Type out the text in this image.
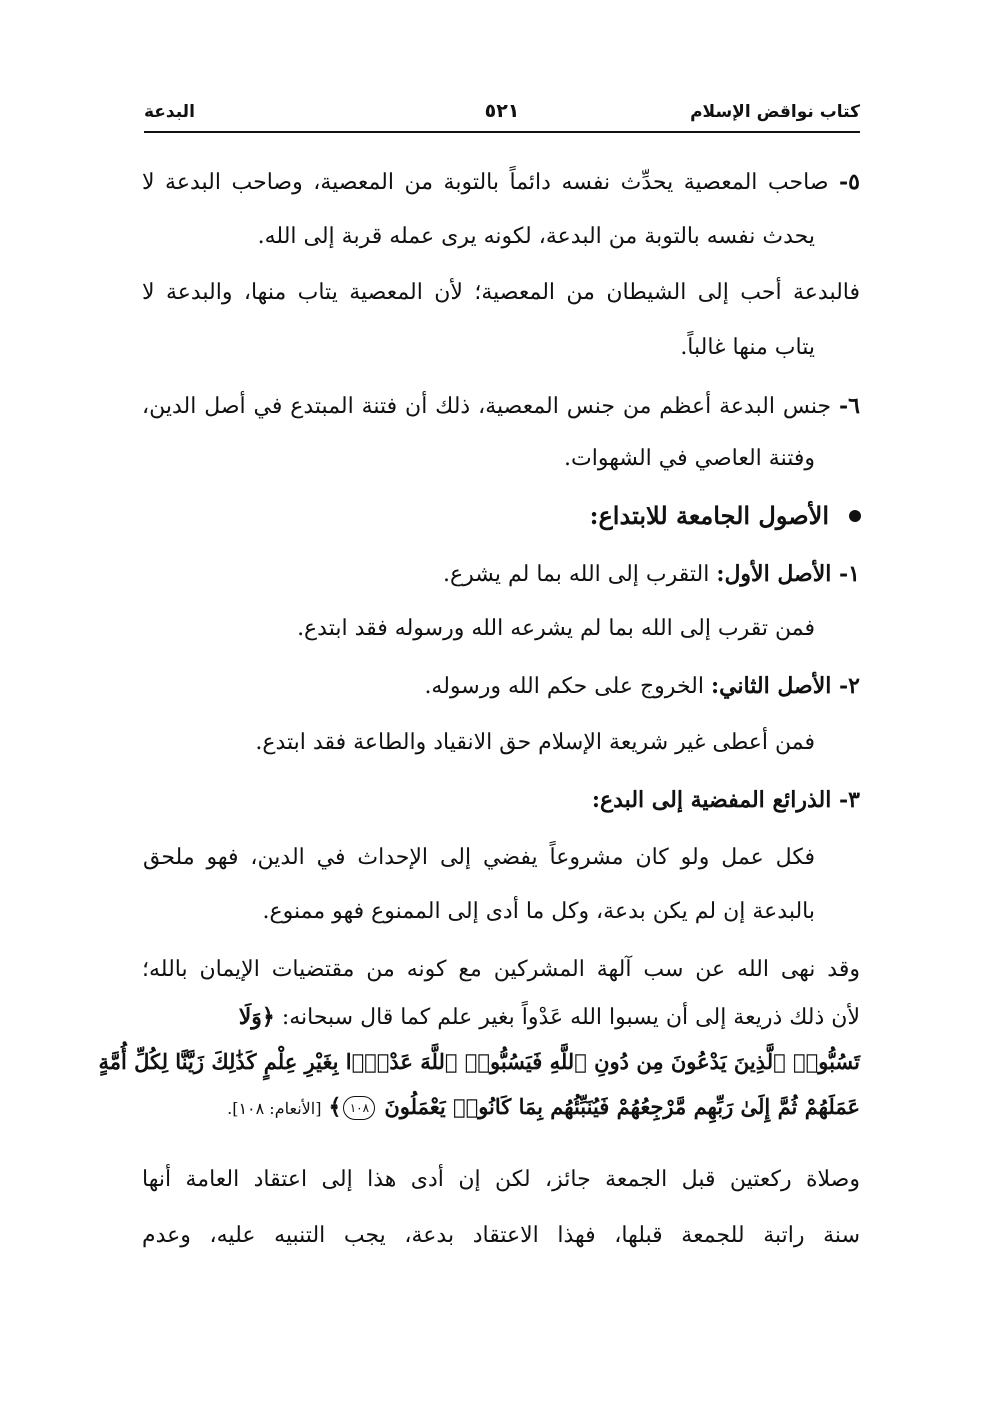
كتاب نواقض الإسلام
٥٢١
البدعة
٥- صاحب المعصية يحدِّث نفسه دائماً بالتوبة من المعصية، وصاحب البدعة لا
يحدث نفسه بالتوبة من البدعة، لكونه يرى عمله قربة إلى الله.
فالبدعة أحب إلى الشيطان من المعصية؛ لأن المعصية يتاب منها، والبدعة لا
يتاب منها غالباً.
٦- جنس البدعة أعظم من جنس المعصية، ذلك أن فتنة المبتدع في أصل الدين،
وفتنة العاصي في الشهوات.
الأصول الجامعة للابتداع:
١- الأصل الأول: التقرب إلى الله بما لم يشرع.
فمن تقرب إلى الله بما لم يشرعه الله ورسوله فقد ابتدع.
٢- الأصل الثاني: الخروج على حكم الله ورسوله.
فمن أعطى غير شريعة الإسلام حق الانقياد والطاعة فقد ابتدع.
٣- الذرائع المفضية إلى البدع:
فكل عمل ولو كان مشروعاً يفضي إلى الإحداث في الدين، فهو ملحق
بالبدعة إن لم يكن بدعة، وكل ما أدى إلى الممنوع فهو ممنوع.
وقد نهى الله عن سب آلهة المشركين مع كونه من مقتضيات الإيمان بالله؛
لأن ذلك ذريعة إلى أن يسبوا الله عَدْواً بغير علم كما قال سبحانه: ﴿وَلَا
تَسُبُّوا۟ ٱلَّذِينَ يَدْعُونَ مِن دُونِ ٱللَّهِ فَيَسُبُّوا۟ ٱللَّهَ عَدْوًۢا بِغَيْرِ عِلْمٍ كَذَٰلِكَ زَيَّنَّا لِكُلِّ أُمَّةٍ
عَمَلَهُمْ ثُمَّ إِلَىٰ رَبِّهِم مَّرْجِعُهُمْ فَيُنَبِّئُهُم بِمَا كَانُوا۟ يَعْمَلُونَ ١٠٨﴾ [الأنعام: ١٠٨].
وصلاة ركعتين قبل الجمعة جائز، لكن إن أدى هذا إلى اعتقاد العامة أنها
سنة راتبة للجمعة قبلها، فهذا الاعتقاد بدعة، يجب التنبيه عليه، وعدم
